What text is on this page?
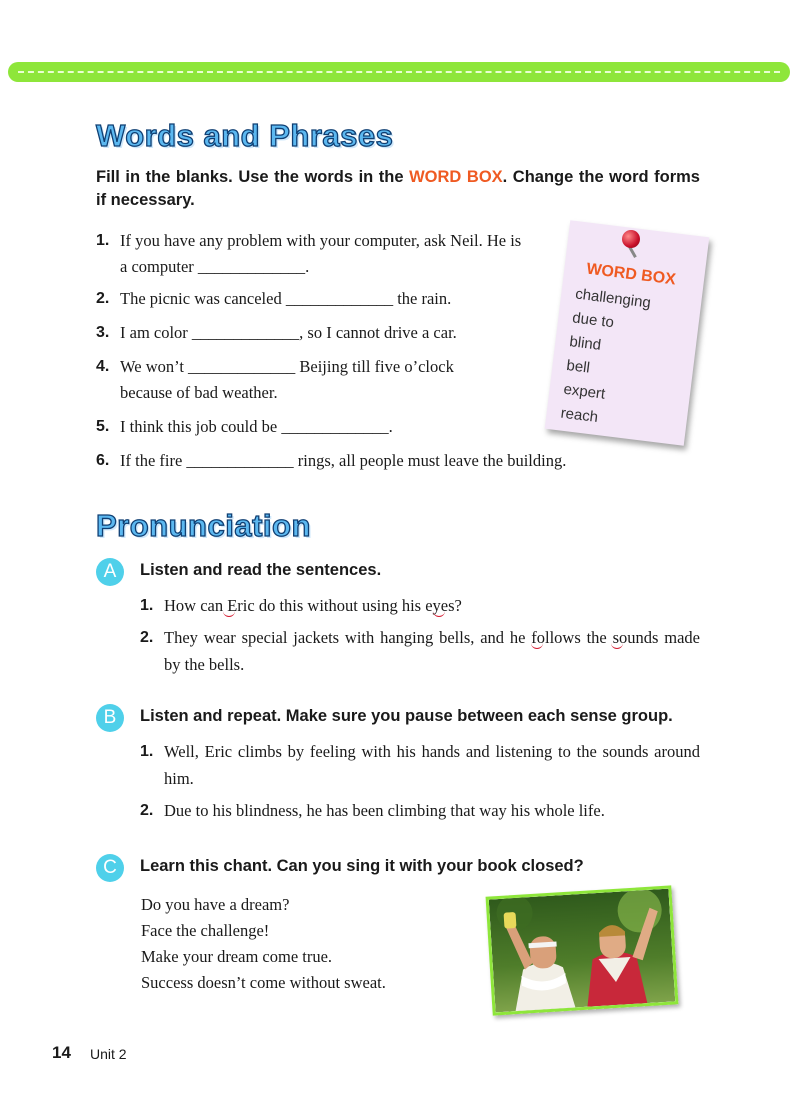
Words and Phrases

Fill in the blanks. Use the words in the WORD BOX. Change the word forms if necessary.

1. If you have any problem with your computer, ask Neil. He is
a computer _____________.
2. The picnic was canceled _____________ the rain.
3. I am color _____________, so I cannot drive a car.
4. We won’t _____________ Beijing till five o’clock
because of bad weather.
5. I think this job could be _____________.
6. If the fire _____________ rings, all people must leave the building.
WORD BOX
challenging
due to
blind
bell
expert
reach
Pronunciation
A	Listen and read the sentences.
1. How can Eric do this without using his eyes?
2. They wear special jackets with hanging bells, and he follows the sounds made by the bells.
B	Listen and repeat. Make sure you pause between each sense group.
1. Well, Eric climbs by feeling with his hands and listening to the sounds around him.
2. Due to his blindness, he has been climbing that way his whole life.
C	Learn this chant. Can you sing it with your book closed?
Do you have a dream?
Face the challenge!
Make your dream come true.
Success doesn’t come without sweat.
14 Unit 2
